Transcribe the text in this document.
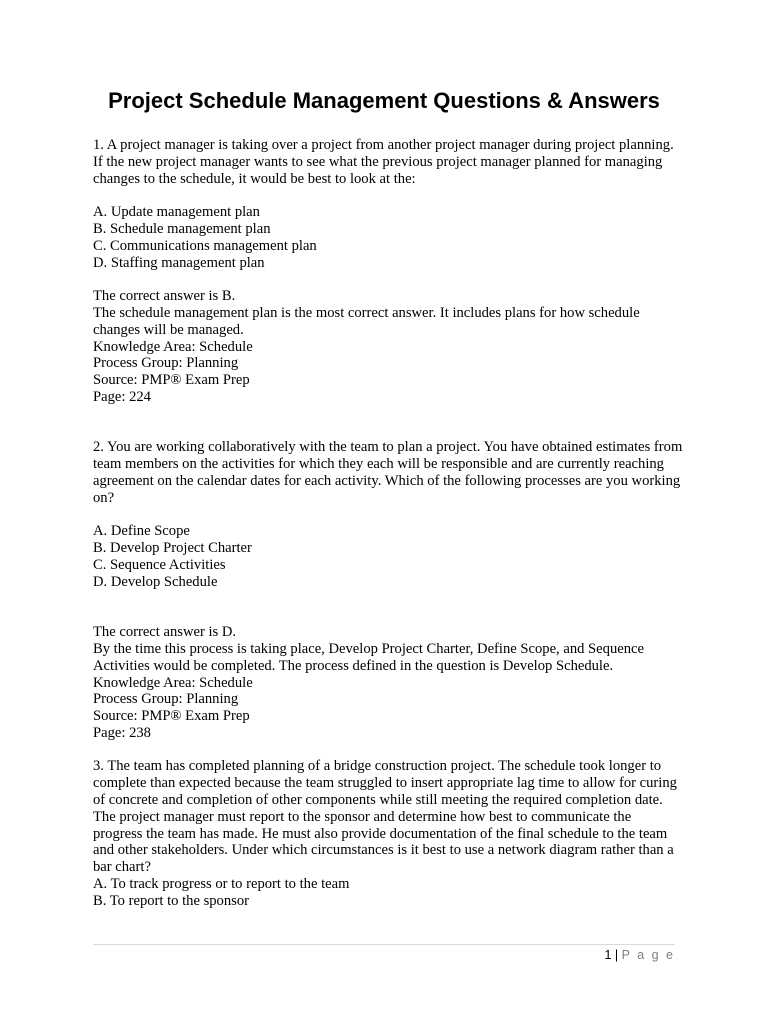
Project Schedule Management Questions & Answers

1. A project manager is taking over a project from another project manager during project planning. If the new project manager wants to see what the previous project manager planned for managing changes to the schedule, it would be best to look at the:

A. Update management plan

B. Schedule management plan

C. Communications management plan

D. Staffing management plan

The correct answer is B.

The schedule management plan is the most correct answer. It includes plans for how schedule changes will be managed.

Knowledge Area: Schedule

Process Group: Planning

Source: PMP® Exam Prep

Page: 224

2. You are working collaboratively with the team to plan a project. You have obtained estimates from team members on the activities for which they each will be responsible and are currently reaching agreement on the calendar dates for each activity. Which of the following processes are you working on?

A. Define Scope

B. Develop Project Charter

C. Sequence Activities

D. Develop Schedule

The correct answer is D.

By the time this process is taking place, Develop Project Charter, Define Scope, and Sequence Activities would be completed. The process defined in the question is Develop Schedule.

Knowledge Area: Schedule

Process Group: Planning

Source: PMP® Exam Prep

Page: 238

3. The team has completed planning of a bridge construction project. The schedule took longer to complete than expected because the team struggled to insert appropriate lag time to allow for curing of concrete and completion of other components while still meeting the required completion date. The project manager must report to the sponsor and determine how best to communicate the progress the team has made. He must also provide documentation of the final schedule to the team and other stakeholders. Under which circumstances is it best to use a network diagram rather than a bar chart?

A. To track progress or to report to the team

B. To report to the sponsor

1 | P a g e
